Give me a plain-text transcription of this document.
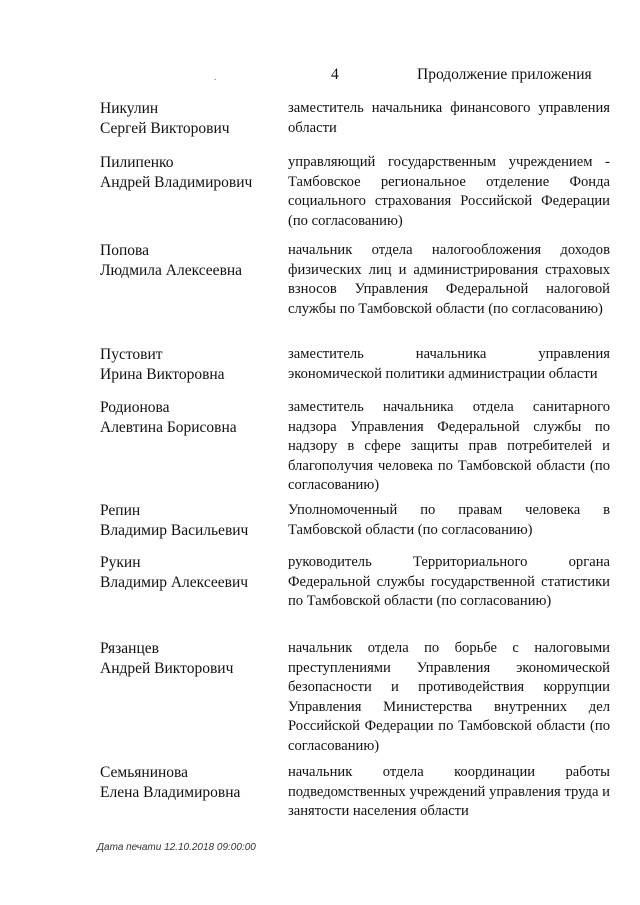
.	4	Продолжение приложения
Никулин
Сергей Викторович
заместитель начальника финансового управления области
Пилипенко
Андрей Владимирович
управляющий государственным учреждением - Тамбовское региональное отделение Фонда социального страхования Российской Федерации (по согласованию)
Попова
Людмила Алексеевна
начальник отдела налогообложения доходов физических лиц и администрирования страховых взносов Управления Федеральной налоговой службы по Тамбовской области (по согласованию)
Пустовит
Ирина Викторовна
заместитель начальника управления экономической политики администрации области
Родионова
Алевтина Борисовна
заместитель начальника отдела санитарного надзора Управления Федеральной службы по надзору в сфере защиты прав потребителей и благополучия человека по Тамбовской области (по согласованию)
Репин
Владимир Васильевич
Уполномоченный по правам человека в Тамбовской области (по согласованию)
Рукин
Владимир Алексеевич
руководитель Территориального органа Федеральной службы государственной статистики по Тамбовской области (по согласованию)
Рязанцев
Андрей Викторович
начальник отдела по борьбе с налоговыми преступлениями Управления экономической безопасности и противодействия коррупции Управления Министерства внутренних дел Российской Федерации по Тамбовской области (по согласованию)
Семьянинова
Елена Владимировна
начальник отдела координации работы подведомственных учреждений управления труда и занятости населения области
Дата печати 12.10.2018 09:00:00
